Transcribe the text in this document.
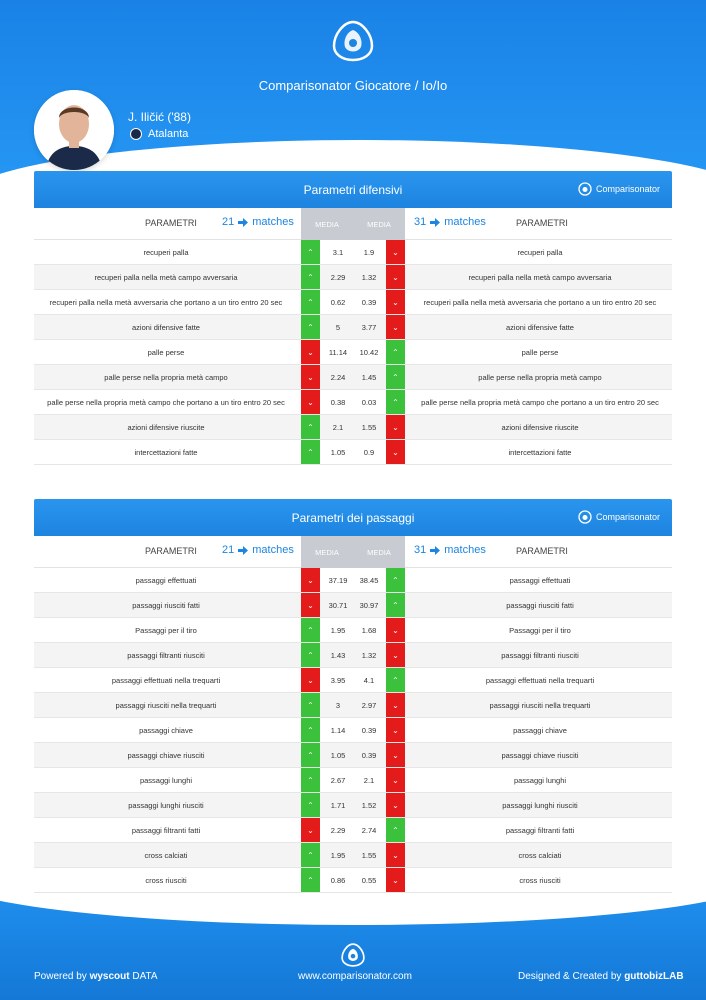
Comparisonator Giocatore / Io/Io
J. Iličić ('88)
Atalanta
Parametri difensivi	Comparisonator
PARAMETRI 21 matches	MEDIA	MEDIA	31 matches	PARAMETRI
recuperi palla	⌃	3.1	1.9	⌄	recuperi palla
recuperi palla nella metà campo avversaria	⌃	2.29	1.32	⌄	recuperi palla nella metà campo avversaria
recuperi palla nella metà avversaria che portano a un tiro entro 20 sec	⌃	0.62	0.39	⌄	recuperi palla nella metà avversaria che portano a un tiro entro 20 sec
azioni difensive fatte	⌃	5	3.77	⌄	azioni difensive fatte
palle perse	⌄	11.14	10.42	⌃	palle perse
palle perse nella propria metà campo	⌄	2.24	1.45	⌃	palle perse nella propria metà campo
palle perse nella propria metà campo che portano a un tiro entro 20 sec	⌄	0.38	0.03	⌃	palle perse nella propria metà campo che portano a un tiro entro 20 sec
azioni difensive riuscite	⌃	2.1	1.55	⌄	azioni difensive riuscite
intercettazioni fatte	⌃	1.05	0.9	⌄	intercettazioni fatte
Parametri dei passaggi	Comparisonator
PARAMETRI 21 matches	MEDIA	MEDIA	31 matches	PARAMETRI
passaggi effettuati	⌄	37.19	38.45	⌃	passaggi effettuati
passaggi riusciti fatti	⌄	30.71	30.97	⌃	passaggi riusciti fatti
Passaggi per il tiro	⌃	1.95	1.68	⌄	Passaggi per il tiro
passaggi filtranti riusciti	⌃	1.43	1.32	⌄	passaggi filtranti riusciti
passaggi effettuati nella trequarti	⌄	3.95	4.1	⌃	passaggi effettuati nella trequarti
passaggi riusciti nella trequarti	⌃	3	2.97	⌄	passaggi riusciti nella trequarti
passaggi chiave	⌃	1.14	0.39	⌄	passaggi chiave
passaggi chiave riusciti	⌃	1.05	0.39	⌄	passaggi chiave riusciti
passaggi lunghi	⌃	2.67	2.1	⌄	passaggi lunghi
passaggi lunghi riusciti	⌃	1.71	1.52	⌄	passaggi lunghi riusciti
passaggi filtranti fatti	⌄	2.29	2.74	⌃	passaggi filtranti fatti
cross calciati	⌃	1.95	1.55	⌄	cross calciati
cross riusciti	⌃	0.86	0.55	⌄	cross riusciti
Powered by wyscout DATA	www.comparisonator.com	Designed & Created by guttobizLAB
